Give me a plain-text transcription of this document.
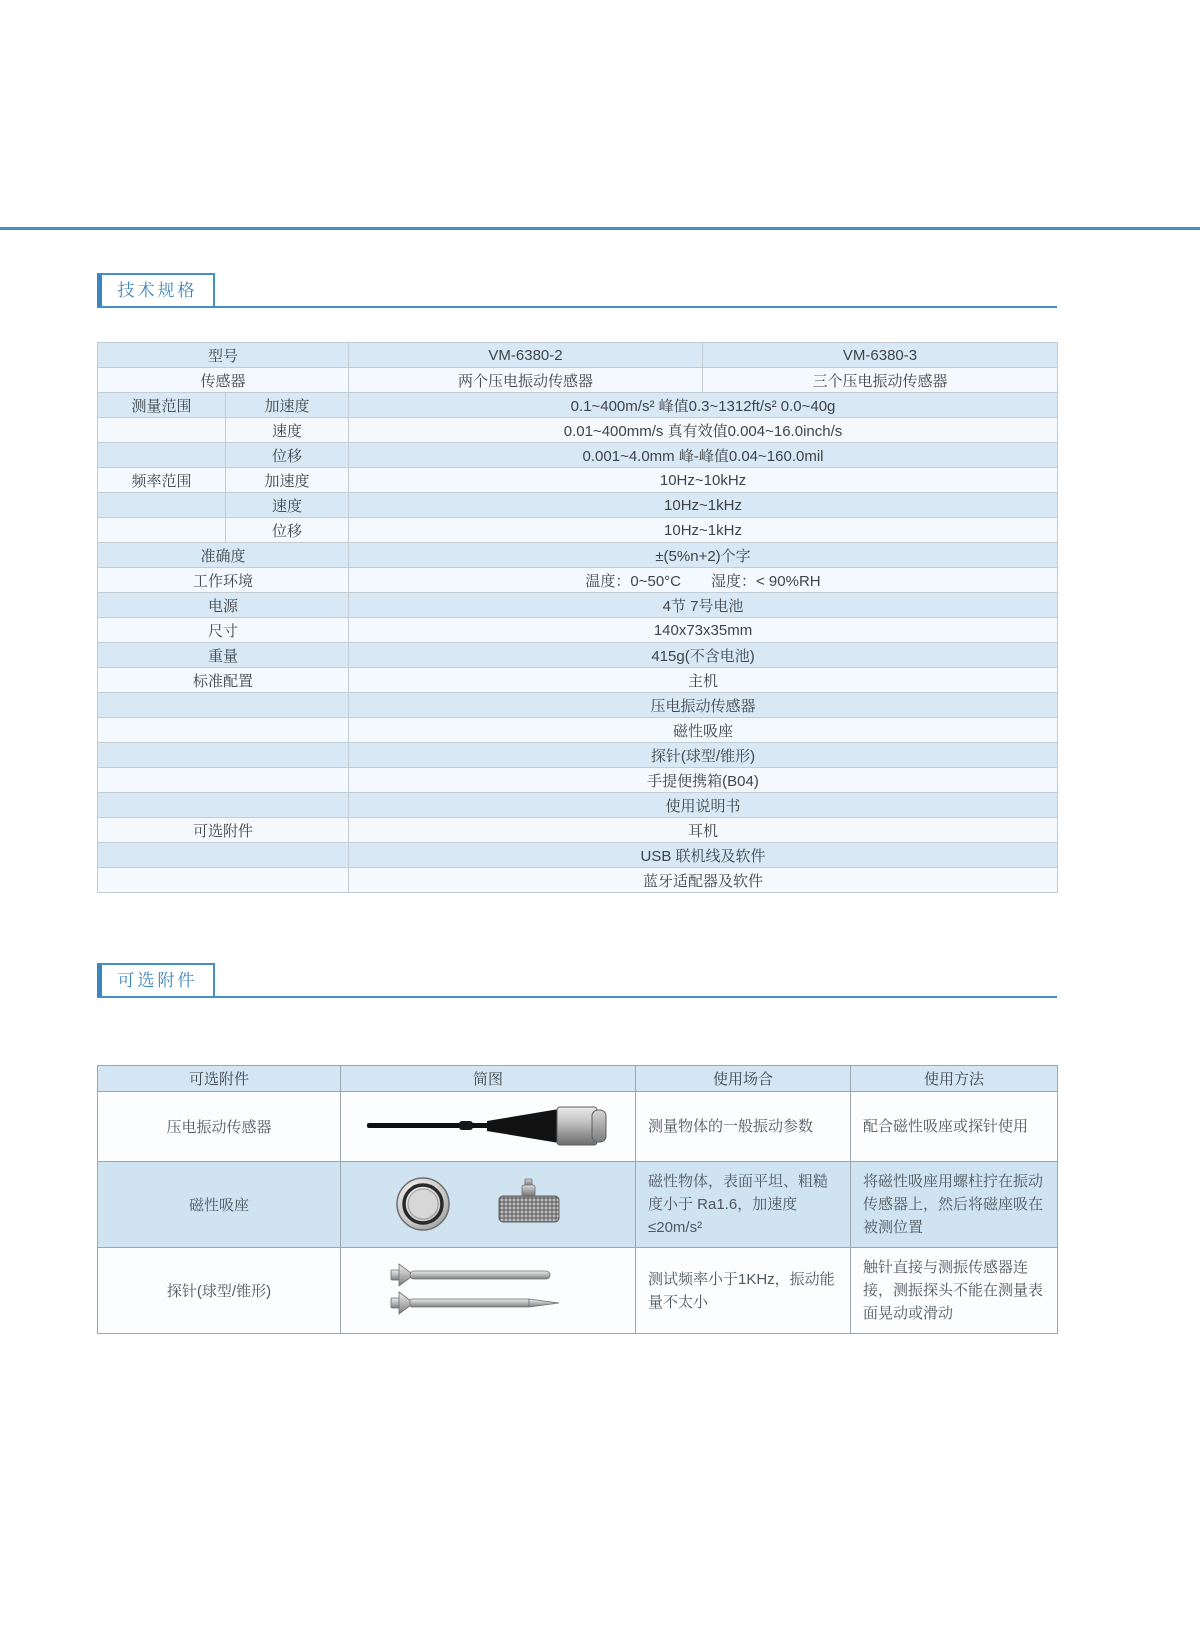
技术规格
型号		VM-6380-2	VM-6380-3
传感器		两个压电振动传感器	三个压电振动传感器
测量范围	加速度	0.1~400m/s² 峰值0.3~1312ft/s² 0.0~40g	
	速度	0.01~400mm/s 真有效值0.004~16.0inch/s	
	位移	0.001~4.0mm 峰-峰值0.04~160.0mil	
频率范围	加速度	10Hz~10kHz	
	速度	10Hz~1kHz	
	位移	10Hz~1kHz	
准确度		±(5%n+2)个字	
工作环境		温度：0~50°C　　湿度：< 90%RH	
电源		4节 7号电池	
尺寸		140x73x35mm	
重量		415g(不含电池)	
标准配置		主机	
		压电振动传感器	
		磁性吸座	
		探针(球型/锥形)	
		手提便携箱(B04)	
		使用说明书	
可选附件		耳机	
		USB 联机线及软件	
		蓝牙适配器及软件	
可选附件
可选附件	简图	使用场合	使用方法
压电振动传感器		测量物体的一般振动参数	配合磁性吸座或探针使用
磁性吸座		磁性物体，表面平坦、粗糙度小于 Ra1.6，加速度≤20m/s²	将磁性吸座用螺柱拧在振动传感器上，然后将磁座吸在被测位置
探针(球型/锥形)		测试频率小于1KHz，振动能量不太小	触针直接与测振传感器连接，测振探头不能在测量表面晃动或滑动
